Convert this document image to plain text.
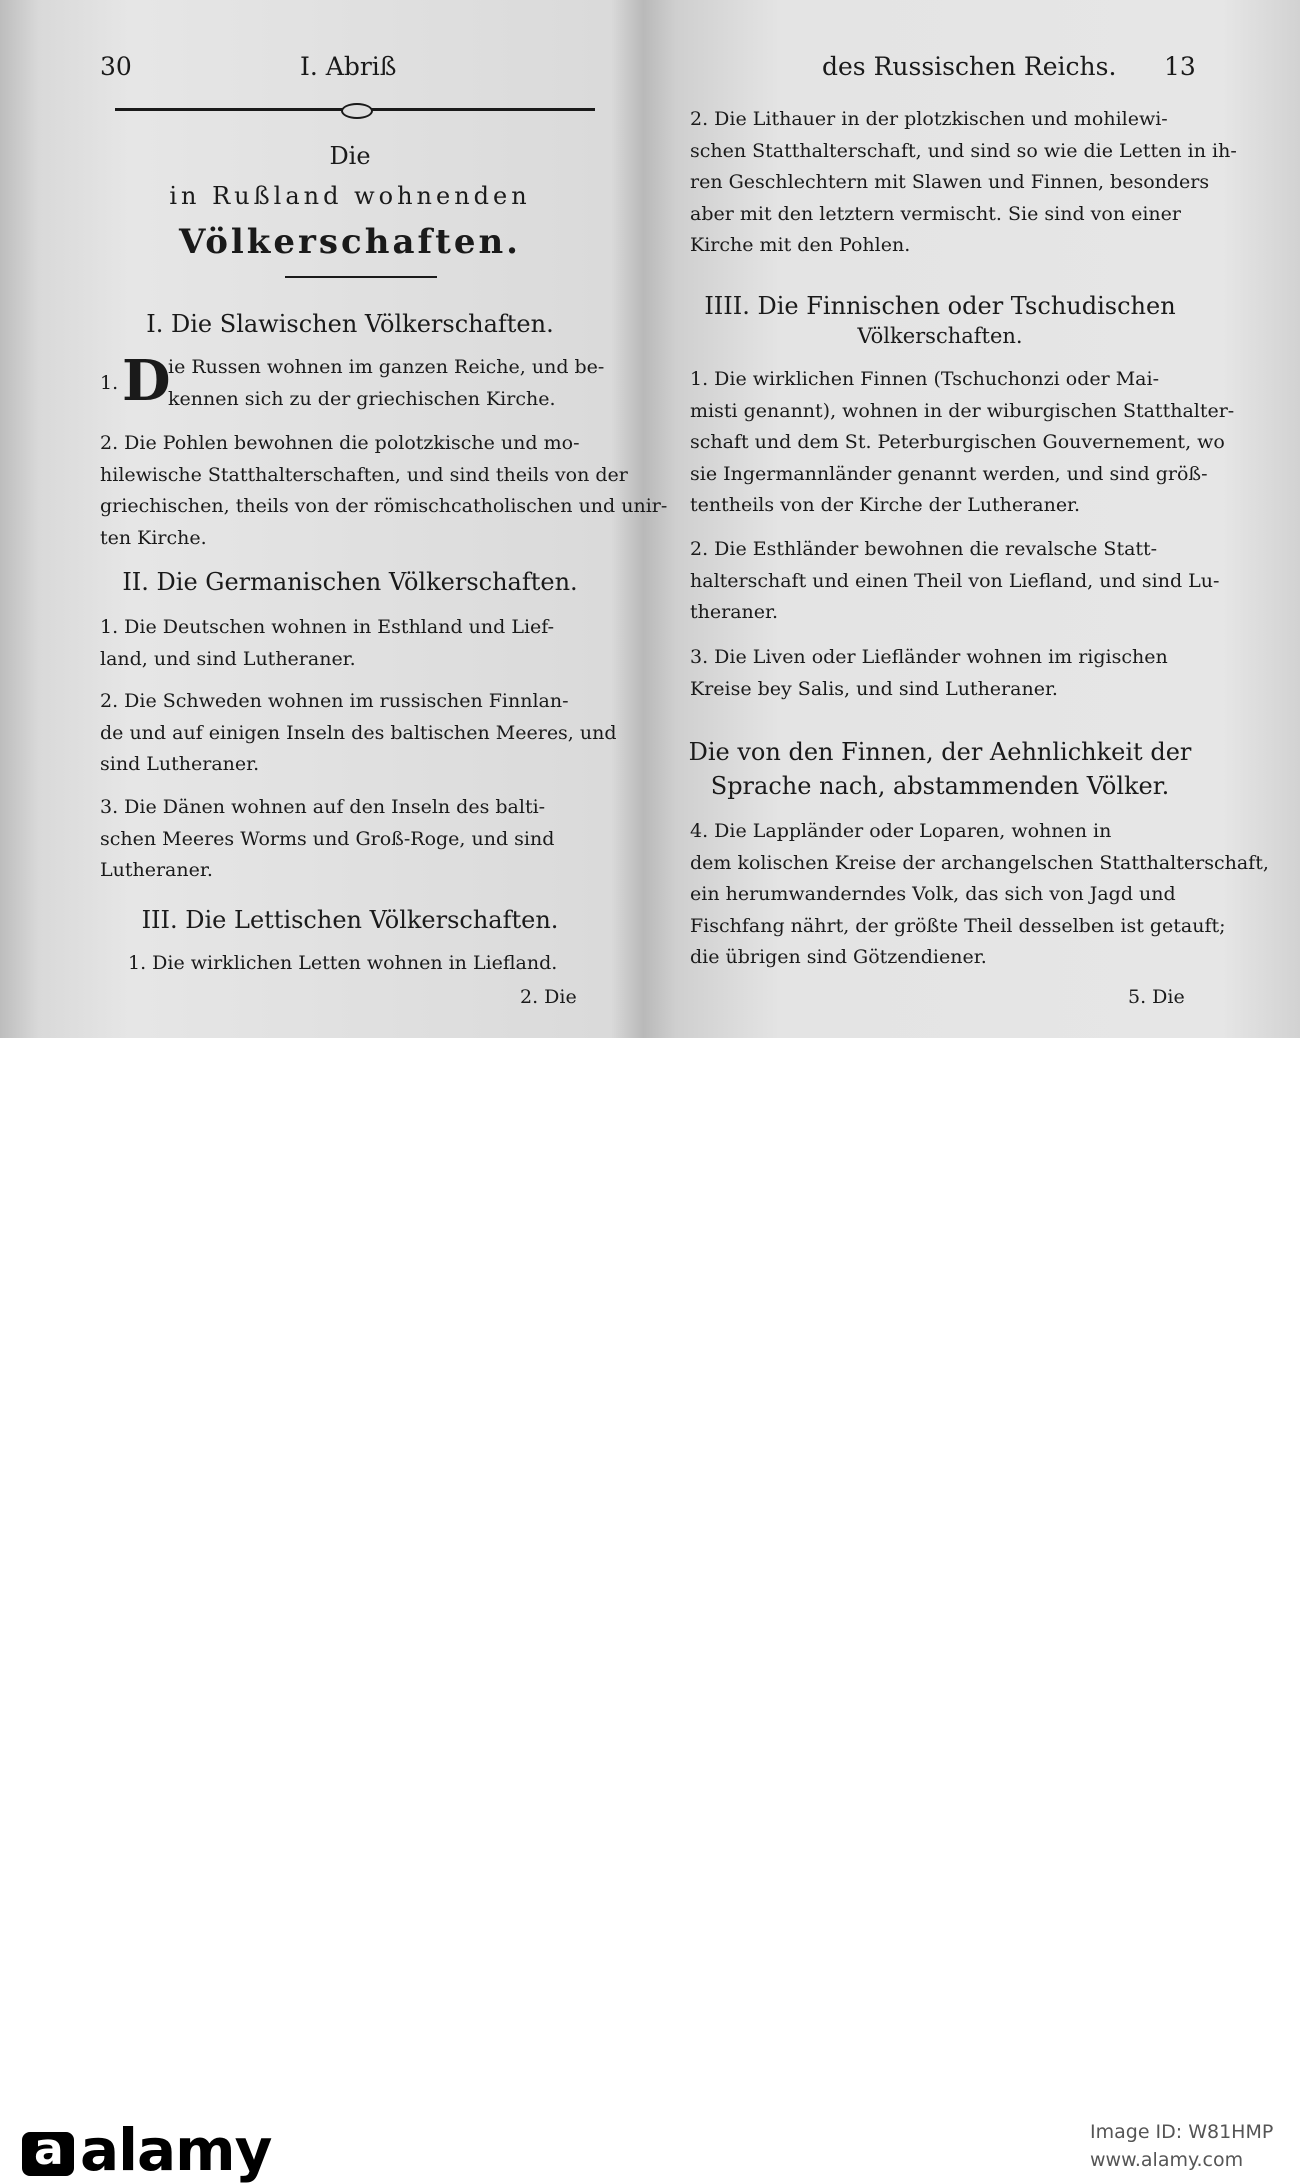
30	I. Abriß
Die
in Rußland wohnenden
Völkerschaften.
I. Die Slawischen Völkerschaften.
1. D
ie Russen wohnen im ganzen Reiche, und be-
kennen sich zu der griechischen Kirche.
2. Die Pohlen bewohnen die polotzkische und mo-
hilewische Statthalterschaften, und sind theils von der
griechischen, theils von der römischcatholischen und unir-
ten Kirche.
II. Die Germanischen Völkerschaften.
1. Die Deutschen wohnen in Esthland und Lief-
land, und sind Lutheraner.
2. Die Schweden wohnen im russischen Finnlan-
de und auf einigen Inseln des baltischen Meeres, und
sind Lutheraner.
3. Die Dänen wohnen auf den Inseln des balti-
schen Meeres Worms und Groß-Roge, und sind
Lutheraner.
III. Die Lettischen Völkerschaften.
1. Die wirklichen Letten wohnen in Liefland.
2. Die
des Russischen Reichs. 13
2. Die Lithauer in der plotzkischen und mohilewi-
schen Statthalterschaft, und sind so wie die Letten in ih-
ren Geschlechtern mit Slawen und Finnen, besonders
aber mit den letztern vermischt. Sie sind von einer
Kirche mit den Pohlen.
IIII. Die Finnischen oder Tschudischen
Völkerschaften.
1. Die wirklichen Finnen (Tschuchonzi oder Mai-
misti genannt), wohnen in der wiburgischen Statthalter-
schaft und dem St. Peterburgischen Gouvernement, wo
sie Ingermannländer genannt werden, und sind größ-
tentheils von der Kirche der Lutheraner.
2. Die Esthländer bewohnen die revalsche Statt-
halterschaft und einen Theil von Liefland, und sind Lu-
theraner.
3. Die Liven oder Liefländer wohnen im rigischen
Kreise bey Salis, und sind Lutheraner.
Die von den Finnen, der Aehnlichkeit der
Sprache nach, abstammenden Völker.
4. Die Lappländer oder Loparen, wohnen in
dem kolischen Kreise der archangelschen Statthalterschaft,
ein herumwanderndes Volk, das sich von Jagd und
Fischfang nährt, der größte Theil desselben ist getauft;
die übrigen sind Götzendiener.
5. Die
aalamy	Image ID: W81HMP
www.alamy.com
